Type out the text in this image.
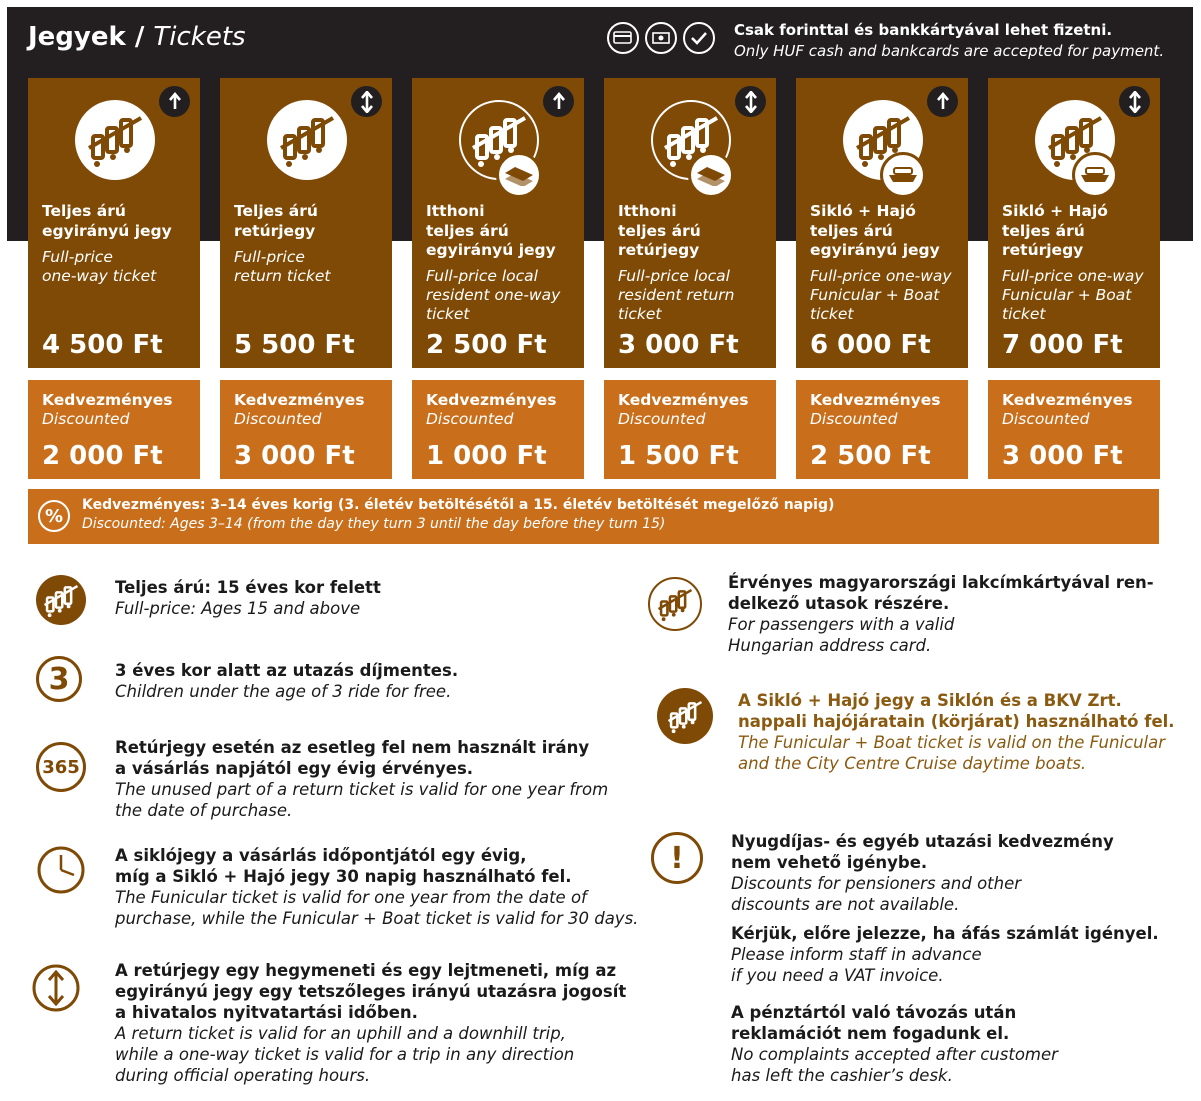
Jegyek / Tickets	Csak forinttal és bankkártyával lehet fizetni.
Only HUF cash and bankcards are accepted for payment.
Teljes árú
egyirányú jegy
Full-price
one-way ticket
4 500 Ft
Teljes árú
retúrjegy
Full-price
return ticket
5 500 Ft
Itthoni
teljes árú
egyirányú jegy
Full-price local
resident one-way
ticket
2 500 Ft
Itthoni
teljes árú
retúrjegy
Full-price local
resident return
ticket
3 000 Ft
Sikló + Hajó
teljes árú
egyirányú jegy
Full-price one-way
Funicular + Boat
ticket
6 000 Ft
Sikló + Hajó
teljes árú
retúrjegy
Full-price one-way
Funicular + Boat
ticket
7 000 Ft
Kedvezményes
Discounted
2 000 Ft
Kedvezményes
Discounted
3 000 Ft
Kedvezményes
Discounted
1 000 Ft
Kedvezményes
Discounted
1 500 Ft
Kedvezményes
Discounted
2 500 Ft
Kedvezményes
Discounted
3 000 Ft
%
Kedvezményes: 3–14 éves korig (3. életév betöltésétől a 15. életév betöltését megelőző napig)
Discounted: Ages 3–14 (from the day they turn 3 until the day before they turn 15)
Teljes árú: 15 éves kor felett
Full-price: Ages 15 and above
3	3 éves kor alatt az utazás díjmentes.
Children under the age of 3 ride for free.
365
Retúrjegy esetén az esetleg fel nem használt irány
a vásárlás napjától egy évig érvényes.
The unused part of a return ticket is valid for one year from
the date of purchase.
A siklójegy a vásárlás időpontjától egy évig,
míg a Sikló + Hajó jegy 30 napig használható fel.
The Funicular ticket is valid for one year from the date of
purchase, while the Funicular + Boat ticket is valid for 30 days.
A retúrjegy egy hegymeneti és egy lejtmeneti, míg az
egyirányú jegy egy tetszőleges irányú utazásra jogosít
a hivatalos nyitvatartási időben.
A return ticket is valid for an uphill and a downhill trip,
while a one-way ticket is valid for a trip in any direction
during official operating hours.
Érvényes magyarországi lakcímkártyával ren-
delkező utasok részére.
For passengers with a valid
Hungarian address card.
A Sikló + Hajó jegy a Siklón és a BKV Zrt.
nappali hajójáratain (körjárat) használható fel.
The Funicular + Boat ticket is valid on the Funicular
and the City Centre Cruise daytime boats.
!	Nyugdíjas- és egyéb utazási kedvezmény
nem vehető igénybe.
Discounts for pensioners and other
discounts are not available.
Kérjük, előre jelezze, ha áfás számlát igényel.
Please inform staff in advance
if you need a VAT invoice.
A pénztártól való távozás után
reklamációt nem fogadunk el.
No complaints accepted after customer
has left the cashier’s desk.
